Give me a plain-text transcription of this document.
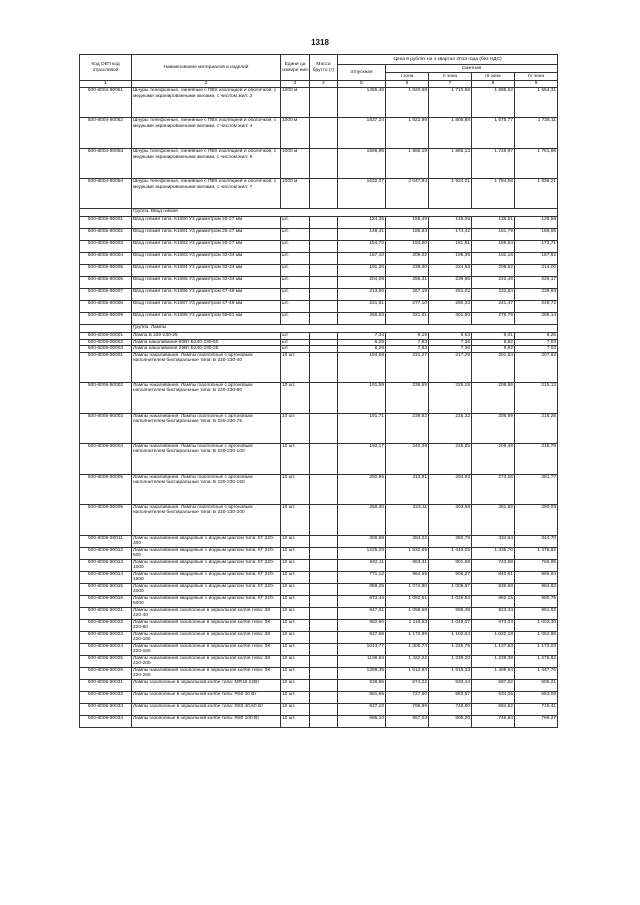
1318
Код ОКП код отраслевой	Наименование материалов и изделий	Едини ца измере ния	Масса брутто (т)	Цена в рублях на 4 квартал 2013 года (без НДС)				
				отпускная	Сметная			
					I зона	II зона	III зона	IV зона
1	2	3	4	5	6	7	8	9
500-8004-90051	Шнуры телефонные, линейные с ПВХ изоляцией и оболочкой, с медными экранированными жилами, с числом жил: 2	1000 м		1455,46	1 820,68	1 710,58	1 686,62	1 654,31
500-8004-90052	Шнуры телефонные, линейные с ПВХ изоляцией и оболочкой, с медными экранированными жилами, с числом жил: 4	1000 м		1837,24	1 922,99	1 806,88	1 675,77	1 726,11
500-8004-90053	Шнуры телефонные, линейные с ПВХ изоляцией и оболочкой, с медными экранированными жилами, с числом жил: 6	1000 м		1596,96	1 965,19	1 865,13	1 729,97	1 761,96
500-8004-90054	Шнуры телефонные, линейные с ПВХ изоляцией и оболочкой, с медными экранированными жилами, с числом жил: 7	1000 м		1632,07	2 047,84	1 924,01	1 784,58	1 836,21
	Группа. Ввод гибкий							
500-8005-90001	Ввод гибкий типа: К1080 У3 диаметром 25-27 мм	шт.		124,35	155,49	146,09	135,51	139,58
500-8005-90002	Ввод гибкий типа: К1081 У3 диаметром 25-27 мм	шт.		148,41	185,64	174,42	161,79	166,65
500-8005-90003	Ввод гибкий типа: К1082 У3 диаметром 25-27 мм	шт.		154,70	193,50	181,81	168,64	173,71
500-8005-90004	Ввод гибкий типа: К1083 У3 диаметром 32-34 мм	шт.		167,10	209,02	196,39	182,16	187,62
500-8005-90005	Ввод гибкий типа: К1084 У3 диаметром 32-34 мм	шт.		191,26	239,30	224,83	208,52	214,00
500-8005-90006	Ввод гибкий типа: К1085 У3 диаметром 32-34 мм	шт.		204,08	255,31	239,86	222,48	229,17
500-8005-90007	Ввод гибкий типа: К1086 У3 диаметром 47-49 мм	шт.		213,60	267,19	251,02	232,84	239,83
500-8005-90008	Ввод гибкий типа: К1087 У3 диаметром 47-49 мм	шт.		221,51	277,10	260,33	241,47	248,72
500-8005-90009	Ввод гибкий типа: К1088 У3 диаметром 59-61 мм	шт.		256,63	321,01	301,60	279,76	288,14
	Группа. Лампы							
500-5006-00001	Лампа Б 220-230-25	шт		7,34	9,19	8,63	8,01	8,25
500-5006-00002	Лампа накаливания 60Вт Б240-230-60	шт		6,26	7,83	7,36	6,82	7,03
500-5006-00003	Лампа накаливания 25Вт Б240-230-25	шт		6,26	7,83	7,36	6,82	7,03
500-8006-90001	Лампы накаливания. Лампы газополные с аргоновым наполнителем биспиральные типа: Б 220-230-40	10 шт.		184,68	231,27	217,29	201,54	207,62
500-8006-90002	Лампы накаливания. Лампы газополные с аргоновым наполнителем биспиральные типа: Б 220-230-60	10 шт.		191,59	239,69	225,19	208,86	215,13
500-8006-90003	Лампы накаливания. Лампы газополные с аргоновым наполнителем биспиральные типа: Б 220-230-75	10 шт.		191,71	239,82	225,32	208,99	215,26
500-8006-90004	Лампы накаливания. Лампы газополные с аргоновым наполнителем биспиральные типа: Б 220-230-100	10 шт.		192,17	240,38	225,85	209,48	215,78
500-8006-90005	Лампы накаливания. Лампы газополные с аргоновым наполнителем биспиральные типа: Б 220-230-150	10 шт.		250,95	313,91	294,93	273,56	281,77
500-8006-90006	Лампы накаливания. Лампы газополные с аргоновым наполнителем биспиральные типа: Б 220-230-200	10 шт.		258,30	323,11	303,58	281,58	290,03
500-8006-90011	Лампы накаливания кварцевые с йодным циклом типа: КГ 220-300	10 шт.		306,98	384,02	360,79	334,64	344,70
500-8006-90012	Лампы накаливания кварцевые с йодным циклом типа: КГ 220-500	10 шт.		1225,29	1 532,69	1 440,05	1 335,70	1 375,82
500-8006-90013	Лампы накаливания кварцевые с йодным циклом типа: КГ 220-1000	10 шт.		682,11	853,31	801,69	743,59	765,95
500-8006-90014	Лампы накаливания кварцевые с йодным циклом типа: КГ 220-1500	10 шт.		771,12	964,59	906,27	840,61	865,84
500-8006-90015	Лампы накаливания кварцевые с йодным циклом типа: КГ 220-2000	10 шт.		859,25	1 074,90	1 009,87	936,68	964,83
500-8006-90016	Лампы накаливания кварцевые с йодным циклом типа: КГ 220-5000	10 шт.		873,44	1 092,61	1 026,54	952,15	980,75
500-8006-90021	Лампы накаливания газополные в зеркальной колбе типа: ЗК 220-40	10 шт.		847,01	1 058,58	995,49	923,34	951,02
500-8006-90022	Лампы накаливания газополные в зеркальной колбе типа: ЗК 220-60	10 шт.		892,60	1 116,63	1 049,07	973,03	1 002,30
500-8006-90023	Лампы накаливания газополные в зеркальной колбе типа: ЗК 220-100	10 шт.		937,66	1 172,99	1 102,04	1 022,18	1 052,86
500-8006-90024	Лампы накаливания газополные в зеркальной колбе типа: ЗК 220-150	10 шт.		1043,77	1 305,74	1 226,75	1 137,83	1 172,03
500-8006-90025	Лампы накаливания газополные в зеркальной колбе типа: ЗК 220-200	10 шт.		1136,94	1 422,22	1 336,20	1 239,39	1 276,62
500-8006-90026	Лампы накаливания газополные в зеркальной колбе типа: ЗК 220-250	10 шт.		1289,35	1 612,84	1 515,33	1 405,54	1 447,76
500-8006-90031	Лампы газополные в зеркальной колбе типа: MR16 12Вт	10 шт.		538,96	674,22	633,44	587,52	605,21
500-8006-90032	Лампы газополные в зеркальной колбе типа: R50 40 Вт	10 шт.		581,65	727,60	683,57	634,05	653,08
500-8006-90033	Лампы газополные в зеркальной колбе типа: R63 40,60 Вт	10 шт.		637,10	796,99	748,80	694,52	715,41
500-8006-90034	Лампы газополные в зеркальной колбе типа: R80 100 Вт	10 шт.		685,10	857,03	805,20	746,84	769,27
